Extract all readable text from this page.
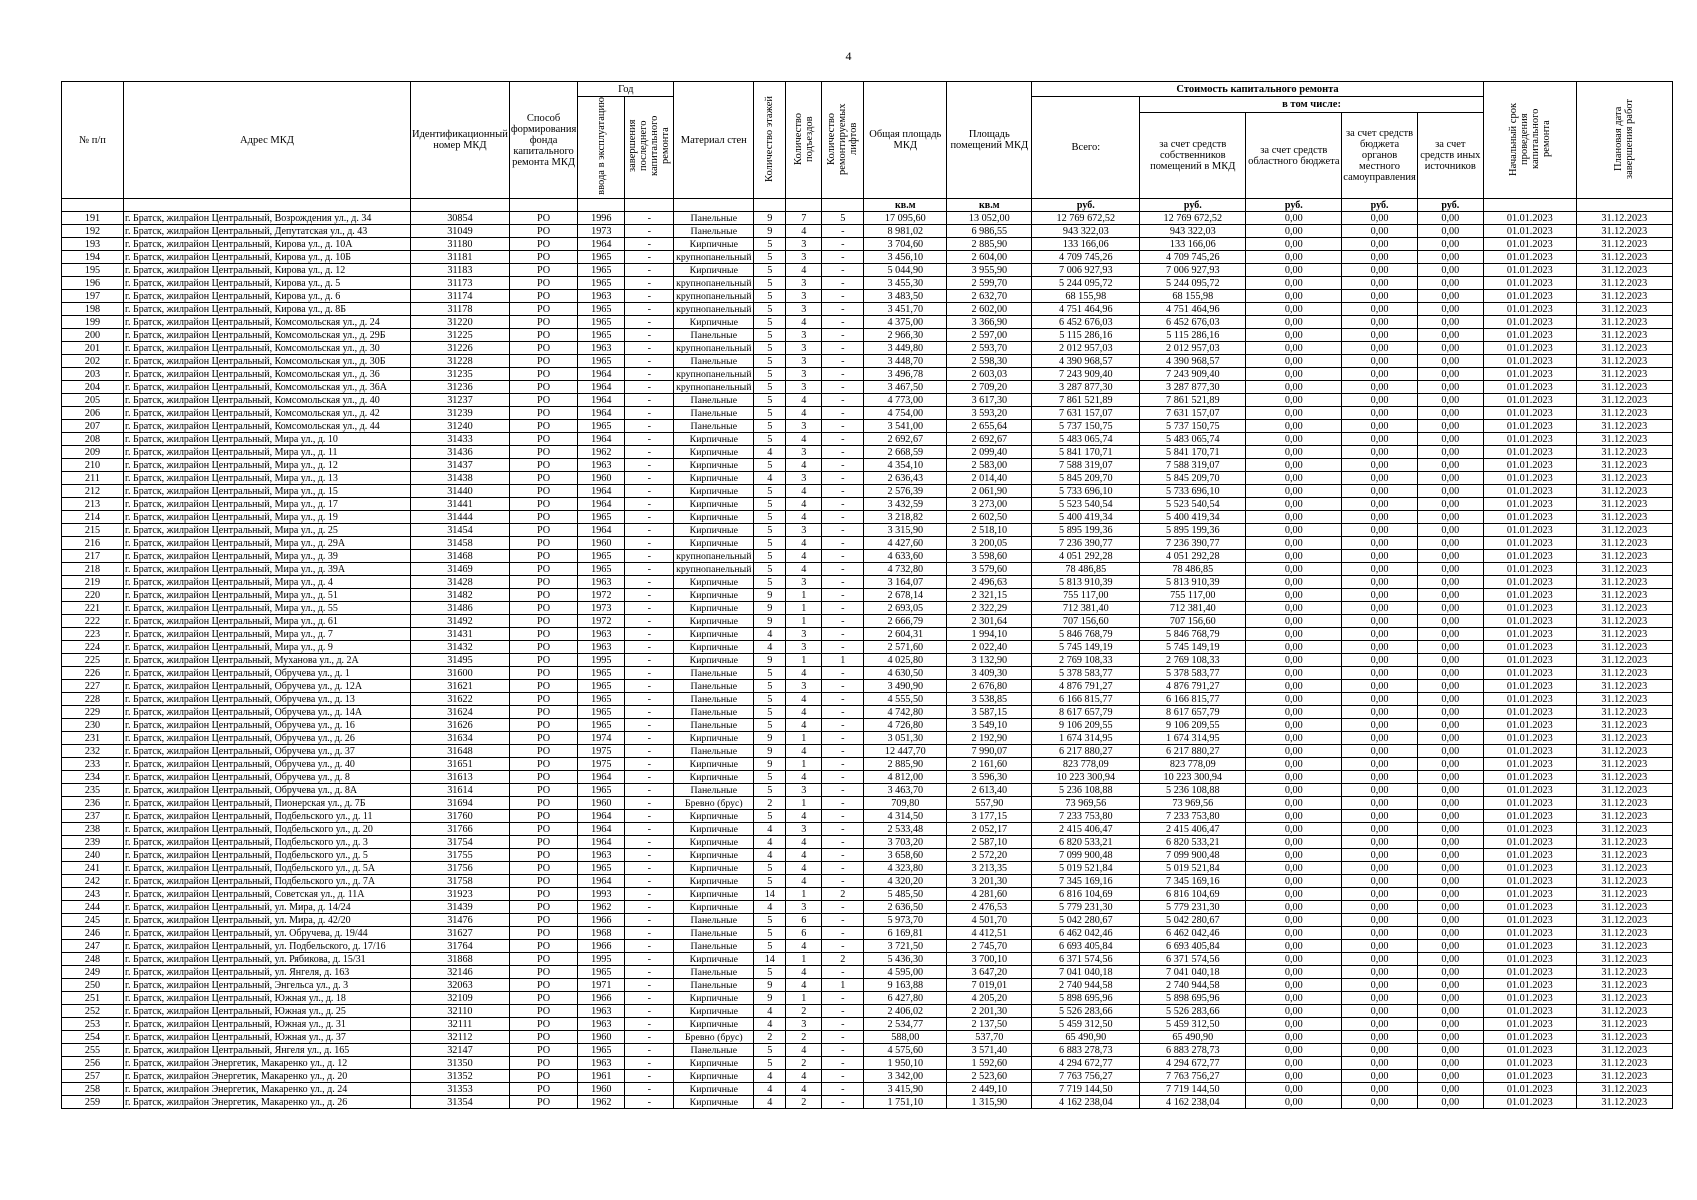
4
№ п/п	Адрес МКД	Идентификационный номер МКД	Способ формирования фонда капитального ремонта МКД	Год		Материал стен	Количество этажей	Количество подъездов	Количество ремонтируемых лифтов	Общая площадь МКД	Площадь помещений МКД	Стоимость капитального ремонта					Начальный срок проведения капитального ремонта	Плановая дата завершения работ
				ввода в эксплуатацию	завершения последнего капитального ремонта							Всего:	в том числе:					
													за счет средств собственников помещений в МКД	за счет средств областного бюджета	за счет средств бюджета органов местного самоуправления	за счет средств иных источников		
										кв.м	кв.м	руб.	руб.	руб.	руб.	руб.		
191	г. Братск, жилрайон Центральный, Возрождения ул., д. 34	30854	РО	1996	-	Панельные	9	7	5	17 095,60	13 052,00	12 769 672,52	12 769 672,52	0,00	0,00	0,00	01.01.2023	31.12.2023
192	г. Братск, жилрайон Центральный, Депутатская ул., д. 43	31049	РО	1973	-	Панельные	9	4	-	8 981,02	6 986,55	943 322,03	943 322,03	0,00	0,00	0,00	01.01.2023	31.12.2023
193	г. Братск, жилрайон Центральный, Кирова ул., д. 10А	31180	РО	1964	-	Кирпичные	5	3	-	3 704,60	2 885,90	133 166,06	133 166,06	0,00	0,00	0,00	01.01.2023	31.12.2023
194	г. Братск, жилрайон Центральный, Кирова ул., д. 10Б	31181	РО	1965	-	крупнопанельный	5	3	-	3 456,10	2 604,00	4 709 745,26	4 709 745,26	0,00	0,00	0,00	01.01.2023	31.12.2023
195	г. Братск, жилрайон Центральный, Кирова ул., д. 12	31183	РО	1965	-	Кирпичные	5	4	-	5 044,90	3 955,90	7 006 927,93	7 006 927,93	0,00	0,00	0,00	01.01.2023	31.12.2023
196	г. Братск, жилрайон Центральный, Кирова ул., д. 5	31173	РО	1965	-	крупнопанельный	5	3	-	3 455,30	2 599,70	5 244 095,72	5 244 095,72	0,00	0,00	0,00	01.01.2023	31.12.2023
197	г. Братск, жилрайон Центральный, Кирова ул., д. 6	31174	РО	1963	-	крупнопанельный	5	3	-	3 483,50	2 632,70	68 155,98	68 155,98	0,00	0,00	0,00	01.01.2023	31.12.2023
198	г. Братск, жилрайон Центральный, Кирова ул., д. 8Б	31178	РО	1965	-	крупнопанельный	5	3	-	3 451,70	2 602,00	4 751 464,96	4 751 464,96	0,00	0,00	0,00	01.01.2023	31.12.2023
199	г. Братск, жилрайон Центральный, Комсомольская ул., д. 24	31220	РО	1965	-	Кирпичные	5	4	-	4 375,00	3 366,90	6 452 676,03	6 452 676,03	0,00	0,00	0,00	01.01.2023	31.12.2023
200	г. Братск, жилрайон Центральный, Комсомольская ул., д. 29Б	31225	РО	1965	-	Панельные	5	3	-	2 966,30	2 597,00	5 115 286,16	5 115 286,16	0,00	0,00	0,00	01.01.2023	31.12.2023
201	г. Братск, жилрайон Центральный, Комсомольская ул., д. 30	31226	РО	1963	-	крупнопанельный	5	3	-	3 449,80	2 593,70	2 012 957,03	2 012 957,03	0,00	0,00	0,00	01.01.2023	31.12.2023
202	г. Братск, жилрайон Центральный, Комсомольская ул., д. 30Б	31228	РО	1965	-	Панельные	5	3	-	3 448,70	2 598,30	4 390 968,57	4 390 968,57	0,00	0,00	0,00	01.01.2023	31.12.2023
203	г. Братск, жилрайон Центральный, Комсомольская ул., д. 36	31235	РО	1964	-	крупнопанельный	5	3	-	3 496,78	2 603,03	7 243 909,40	7 243 909,40	0,00	0,00	0,00	01.01.2023	31.12.2023
204	г. Братск, жилрайон Центральный, Комсомольская ул., д. 36А	31236	РО	1964	-	крупнопанельный	5	3	-	3 467,50	2 709,20	3 287 877,30	3 287 877,30	0,00	0,00	0,00	01.01.2023	31.12.2023
205	г. Братск, жилрайон Центральный, Комсомольская ул., д. 40	31237	РО	1964	-	Панельные	5	4	-	4 773,00	3 617,30	7 861 521,89	7 861 521,89	0,00	0,00	0,00	01.01.2023	31.12.2023
206	г. Братск, жилрайон Центральный, Комсомольская ул., д. 42	31239	РО	1964	-	Панельные	5	4	-	4 754,00	3 593,20	7 631 157,07	7 631 157,07	0,00	0,00	0,00	01.01.2023	31.12.2023
207	г. Братск, жилрайон Центральный, Комсомольская ул., д. 44	31240	РО	1965	-	Панельные	5	3	-	3 541,00	2 655,64	5 737 150,75	5 737 150,75	0,00	0,00	0,00	01.01.2023	31.12.2023
208	г. Братск, жилрайон Центральный, Мира ул., д. 10	31433	РО	1964	-	Кирпичные	5	4	-	2 692,67	2 692,67	5 483 065,74	5 483 065,74	0,00	0,00	0,00	01.01.2023	31.12.2023
209	г. Братск, жилрайон Центральный, Мира ул., д. 11	31436	РО	1962	-	Кирпичные	4	3	-	2 668,59	2 099,40	5 841 170,71	5 841 170,71	0,00	0,00	0,00	01.01.2023	31.12.2023
210	г. Братск, жилрайон Центральный, Мира ул., д. 12	31437	РО	1963	-	Кирпичные	5	4	-	4 354,10	2 583,00	7 588 319,07	7 588 319,07	0,00	0,00	0,00	01.01.2023	31.12.2023
211	г. Братск, жилрайон Центральный, Мира ул., д. 13	31438	РО	1960	-	Кирпичные	4	3	-	2 636,43	2 014,40	5 845 209,70	5 845 209,70	0,00	0,00	0,00	01.01.2023	31.12.2023
212	г. Братск, жилрайон Центральный, Мира ул., д. 15	31440	РО	1964	-	Кирпичные	5	4	-	2 576,39	2 061,90	5 733 696,10	5 733 696,10	0,00	0,00	0,00	01.01.2023	31.12.2023
213	г. Братск, жилрайон Центральный, Мира ул., д. 17	31441	РО	1964	-	Кирпичные	5	4	-	3 432,59	3 273,00	5 523 540,54	5 523 540,54	0,00	0,00	0,00	01.01.2023	31.12.2023
214	г. Братск, жилрайон Центральный, Мира ул., д. 19	31444	РО	1965	-	Кирпичные	5	4	-	3 218,82	2 602,50	5 400 419,34	5 400 419,34	0,00	0,00	0,00	01.01.2023	31.12.2023
215	г. Братск, жилрайон Центральный, Мира ул., д. 25	31454	РО	1964	-	Кирпичные	5	3	-	3 315,90	2 518,10	5 895 199,36	5 895 199,36	0,00	0,00	0,00	01.01.2023	31.12.2023
216	г. Братск, жилрайон Центральный, Мира ул., д. 29А	31458	РО	1960	-	Кирпичные	5	4	-	4 427,60	3 200,05	7 236 390,77	7 236 390,77	0,00	0,00	0,00	01.01.2023	31.12.2023
217	г. Братск, жилрайон Центральный, Мира ул., д. 39	31468	РО	1965	-	крупнопанельный	5	4	-	4 633,60	3 598,60	4 051 292,28	4 051 292,28	0,00	0,00	0,00	01.01.2023	31.12.2023
218	г. Братск, жилрайон Центральный, Мира ул., д. 39А	31469	РО	1965	-	крупнопанельный	5	4	-	4 732,80	3 579,60	78 486,85	78 486,85	0,00	0,00	0,00	01.01.2023	31.12.2023
219	г. Братск, жилрайон Центральный, Мира ул., д. 4	31428	РО	1963	-	Кирпичные	5	3	-	3 164,07	2 496,63	5 813 910,39	5 813 910,39	0,00	0,00	0,00	01.01.2023	31.12.2023
220	г. Братск, жилрайон Центральный, Мира ул., д. 51	31482	РО	1972	-	Кирпичные	9	1	-	2 678,14	2 321,15	755 117,00	755 117,00	0,00	0,00	0,00	01.01.2023	31.12.2023
221	г. Братск, жилрайон Центральный, Мира ул., д. 55	31486	РО	1973	-	Кирпичные	9	1	-	2 693,05	2 322,29	712 381,40	712 381,40	0,00	0,00	0,00	01.01.2023	31.12.2023
222	г. Братск, жилрайон Центральный, Мира ул., д. 61	31492	РО	1972	-	Кирпичные	9	1	-	2 666,79	2 301,64	707 156,60	707 156,60	0,00	0,00	0,00	01.01.2023	31.12.2023
223	г. Братск, жилрайон Центральный, Мира ул., д. 7	31431	РО	1963	-	Кирпичные	4	3	-	2 604,31	1 994,10	5 846 768,79	5 846 768,79	0,00	0,00	0,00	01.01.2023	31.12.2023
224	г. Братск, жилрайон Центральный, Мира ул., д. 9	31432	РО	1963	-	Кирпичные	4	3	-	2 571,60	2 022,40	5 745 149,19	5 745 149,19	0,00	0,00	0,00	01.01.2023	31.12.2023
225	г. Братск, жилрайон Центральный, Муханова ул., д. 2А	31495	РО	1995	-	Кирпичные	9	1	1	4 025,80	3 132,90	2 769 108,33	2 769 108,33	0,00	0,00	0,00	01.01.2023	31.12.2023
226	г. Братск, жилрайон Центральный, Обручева ул., д. 1	31600	РО	1965	-	Панельные	5	4	-	4 630,50	3 409,30	5 378 583,77	5 378 583,77	0,00	0,00	0,00	01.01.2023	31.12.2023
227	г. Братск, жилрайон Центральный, Обручева ул., д. 12А	31621	РО	1965	-	Панельные	5	3	-	3 490,90	2 676,80	4 876 791,27	4 876 791,27	0,00	0,00	0,00	01.01.2023	31.12.2023
228	г. Братск, жилрайон Центральный, Обручева ул., д. 13	31622	РО	1965	-	Панельные	5	4	-	4 555,50	3 538,85	6 166 815,77	6 166 815,77	0,00	0,00	0,00	01.01.2023	31.12.2023
229	г. Братск, жилрайон Центральный, Обручева ул., д. 14А	31624	РО	1965	-	Панельные	5	4	-	4 742,80	3 587,15	8 617 657,79	8 617 657,79	0,00	0,00	0,00	01.01.2023	31.12.2023
230	г. Братск, жилрайон Центральный, Обручева ул., д. 16	31626	РО	1965	-	Панельные	5	4	-	4 726,80	3 549,10	9 106 209,55	9 106 209,55	0,00	0,00	0,00	01.01.2023	31.12.2023
231	г. Братск, жилрайон Центральный, Обручева ул., д. 26	31634	РО	1974	-	Кирпичные	9	1	-	3 051,30	2 192,90	1 674 314,95	1 674 314,95	0,00	0,00	0,00	01.01.2023	31.12.2023
232	г. Братск, жилрайон Центральный, Обручева ул., д. 37	31648	РО	1975	-	Панельные	9	4	-	12 447,70	7 990,07	6 217 880,27	6 217 880,27	0,00	0,00	0,00	01.01.2023	31.12.2023
233	г. Братск, жилрайон Центральный, Обручева ул., д. 40	31651	РО	1975	-	Кирпичные	9	1	-	2 885,90	2 161,60	823 778,09	823 778,09	0,00	0,00	0,00	01.01.2023	31.12.2023
234	г. Братск, жилрайон Центральный, Обручева ул., д. 8	31613	РО	1964	-	Кирпичные	5	4	-	4 812,00	3 596,30	10 223 300,94	10 223 300,94	0,00	0,00	0,00	01.01.2023	31.12.2023
235	г. Братск, жилрайон Центральный, Обручева ул., д. 8А	31614	РО	1965	-	Панельные	5	3	-	3 463,70	2 613,40	5 236 108,88	5 236 108,88	0,00	0,00	0,00	01.01.2023	31.12.2023
236	г. Братск, жилрайон Центральный, Пионерская ул., д. 7Б	31694	РО	1960	-	Бревно (брус)	2	1	-	709,80	557,90	73 969,56	73 969,56	0,00	0,00	0,00	01.01.2023	31.12.2023
237	г. Братск, жилрайон Центральный, Подбельского ул., д. 11	31760	РО	1964	-	Кирпичные	5	4	-	4 314,50	3 177,15	7 233 753,80	7 233 753,80	0,00	0,00	0,00	01.01.2023	31.12.2023
238	г. Братск, жилрайон Центральный, Подбельского ул., д. 20	31766	РО	1964	-	Кирпичные	4	3	-	2 533,48	2 052,17	2 415 406,47	2 415 406,47	0,00	0,00	0,00	01.01.2023	31.12.2023
239	г. Братск, жилрайон Центральный, Подбельского ул., д. 3	31754	РО	1964	-	Кирпичные	4	4	-	3 703,20	2 587,10	6 820 533,21	6 820 533,21	0,00	0,00	0,00	01.01.2023	31.12.2023
240	г. Братск, жилрайон Центральный, Подбельского ул., д. 5	31755	РО	1963	-	Кирпичные	4	4	-	3 658,60	2 572,20	7 099 900,48	7 099 900,48	0,00	0,00	0,00	01.01.2023	31.12.2023
241	г. Братск, жилрайон Центральный, Подбельского ул., д. 5А	31756	РО	1965	-	Кирпичные	5	4	-	4 323,80	3 213,35	5 019 521,84	5 019 521,84	0,00	0,00	0,00	01.01.2023	31.12.2023
242	г. Братск, жилрайон Центральный, Подбельского ул., д. 7А	31758	РО	1964	-	Кирпичные	5	4	-	4 320,20	3 201,30	7 345 169,16	7 345 169,16	0,00	0,00	0,00	01.01.2023	31.12.2023
243	г. Братск, жилрайон Центральный, Советская ул., д. 11А	31923	РО	1993	-	Кирпичные	14	1	2	5 485,50	4 281,60	6 816 104,69	6 816 104,69	0,00	0,00	0,00	01.01.2023	31.12.2023
244	г. Братск, жилрайон Центральный, ул. Мира, д. 14/24	31439	РО	1962	-	Кирпичные	4	3	-	2 636,50	2 476,53	5 779 231,30	5 779 231,30	0,00	0,00	0,00	01.01.2023	31.12.2023
245	г. Братск, жилрайон Центральный, ул. Мира, д. 42/20	31476	РО	1966	-	Панельные	5	6	-	5 973,70	4 501,70	5 042 280,67	5 042 280,67	0,00	0,00	0,00	01.01.2023	31.12.2023
246	г. Братск, жилрайон Центральный, ул. Обручева, д. 19/44	31627	РО	1968	-	Панельные	5	6	-	6 169,81	4 412,51	6 462 042,46	6 462 042,46	0,00	0,00	0,00	01.01.2023	31.12.2023
247	г. Братск, жилрайон Центральный, ул. Подбельского, д. 17/16	31764	РО	1966	-	Панельные	5	4	-	3 721,50	2 745,70	6 693 405,84	6 693 405,84	0,00	0,00	0,00	01.01.2023	31.12.2023
248	г. Братск, жилрайон Центральный, ул. Рябикова, д. 15/31	31868	РО	1995	-	Кирпичные	14	1	2	5 436,30	3 700,10	6 371 574,56	6 371 574,56	0,00	0,00	0,00	01.01.2023	31.12.2023
249	г. Братск, жилрайон Центральный, ул. Янгеля, д. 163	32146	РО	1965	-	Панельные	5	4	-	4 595,00	3 647,20	7 041 040,18	7 041 040,18	0,00	0,00	0,00	01.01.2023	31.12.2023
250	г. Братск, жилрайон Центральный, Энгельса ул., д. 3	32063	РО	1971	-	Панельные	9	4	1	9 163,88	7 019,01	2 740 944,58	2 740 944,58	0,00	0,00	0,00	01.01.2023	31.12.2023
251	г. Братск, жилрайон Центральный, Южная ул., д. 18	32109	РО	1966	-	Кирпичные	9	1	-	6 427,80	4 205,20	5 898 695,96	5 898 695,96	0,00	0,00	0,00	01.01.2023	31.12.2023
252	г. Братск, жилрайон Центральный, Южная ул., д. 25	32110	РО	1963	-	Кирпичные	4	2	-	2 406,02	2 201,30	5 526 283,66	5 526 283,66	0,00	0,00	0,00	01.01.2023	31.12.2023
253	г. Братск, жилрайон Центральный, Южная ул., д. 31	32111	РО	1963	-	Кирпичные	4	3	-	2 534,77	2 137,50	5 459 312,50	5 459 312,50	0,00	0,00	0,00	01.01.2023	31.12.2023
254	г. Братск, жилрайон Центральный, Южная ул., д. 37	32112	РО	1960	-	Бревно (брус)	2	2	-	588,00	537,70	65 490,90	65 490,90	0,00	0,00	0,00	01.01.2023	31.12.2023
255	г. Братск, жилрайон Центральный, Янгеля ул., д. 165	32147	РО	1965	-	Панельные	5	4	-	4 575,60	3 571,40	6 883 278,73	6 883 278,73	0,00	0,00	0,00	01.01.2023	31.12.2023
256	г. Братск, жилрайон Энергетик, Макаренко ул., д. 12	31350	РО	1963	-	Кирпичные	5	2	-	1 950,10	1 592,60	4 294 672,77	4 294 672,77	0,00	0,00	0,00	01.01.2023	31.12.2023
257	г. Братск, жилрайон Энергетик, Макаренко ул., д. 20	31352	РО	1961	-	Кирпичные	4	4	-	3 342,00	2 523,60	7 763 756,27	7 763 756,27	0,00	0,00	0,00	01.01.2023	31.12.2023
258	г. Братск, жилрайон Энергетик, Макаренко ул., д. 24	31353	РО	1960	-	Кирпичные	4	4	-	3 415,90	2 449,10	7 719 144,50	7 719 144,50	0,00	0,00	0,00	01.01.2023	31.12.2023
259	г. Братск, жилрайон Энергетик, Макаренко ул., д. 26	31354	РО	1962	-	Кирпичные	4	2	-	1 751,10	1 315,90	4 162 238,04	4 162 238,04	0,00	0,00	0,00	01.01.2023	31.12.2023
